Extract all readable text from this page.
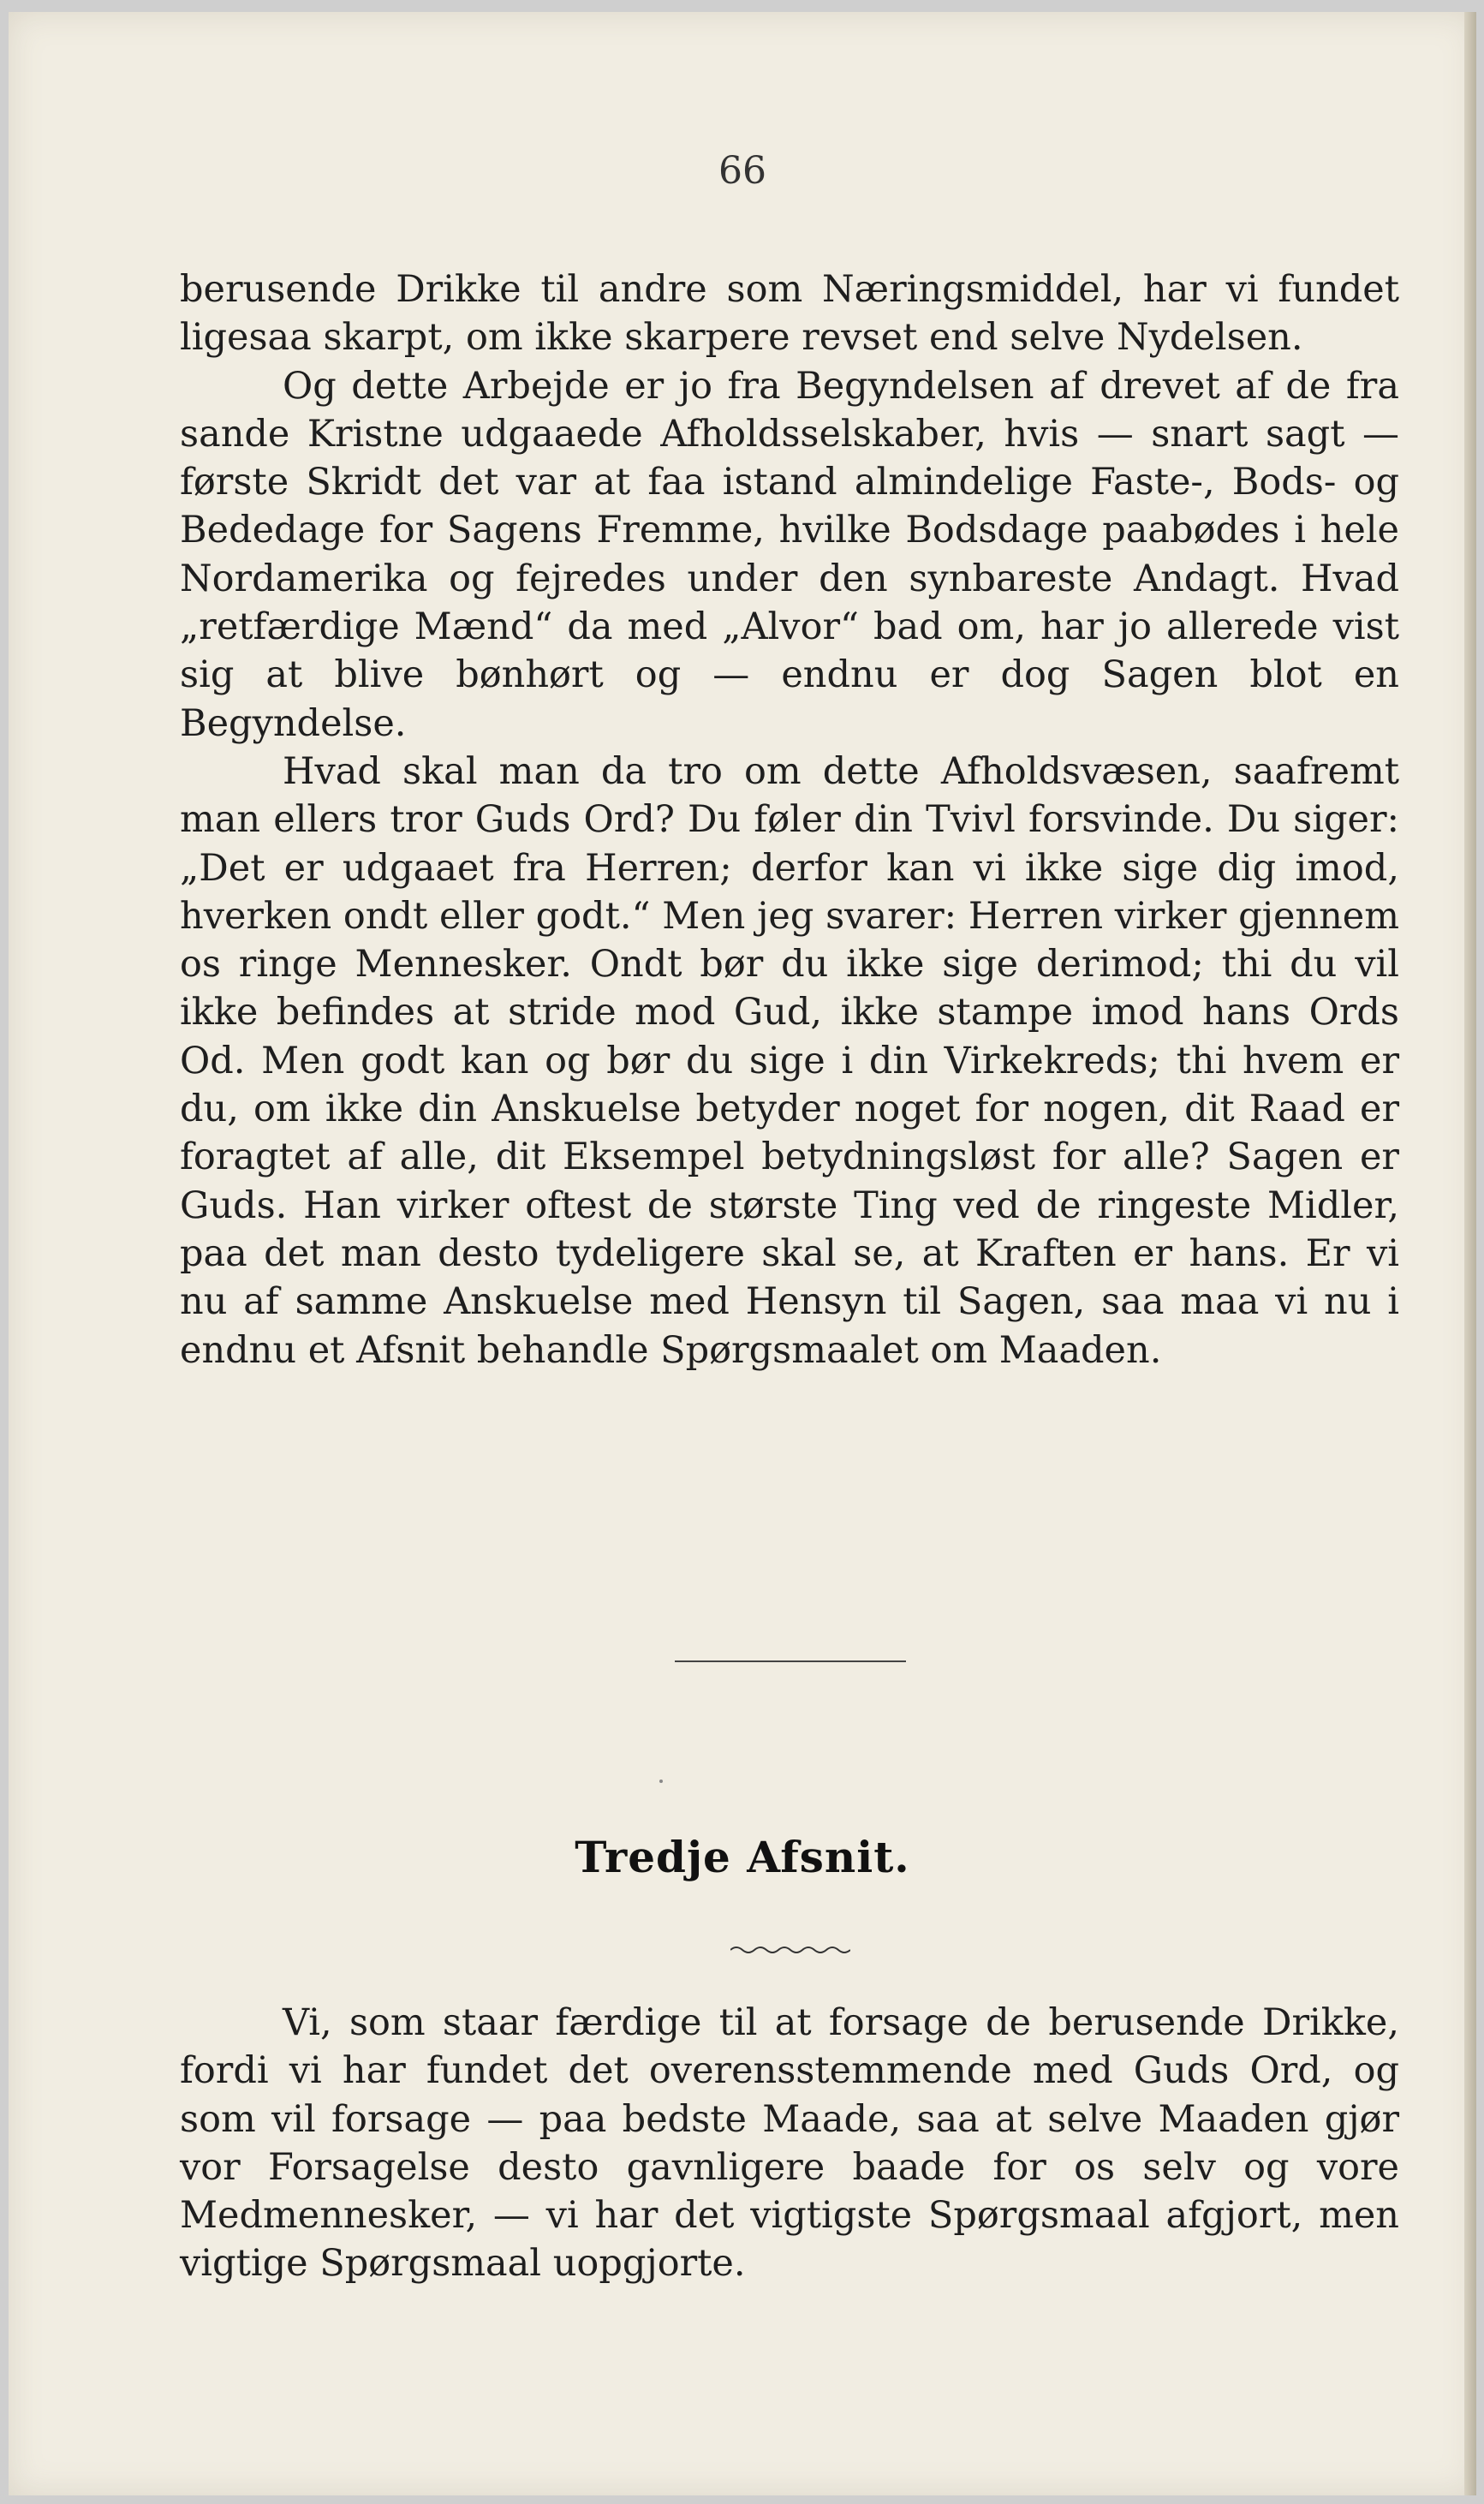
66

berusende Drikke til andre som Næringsmiddel, har vi fundet ligesaa skarpt, om ikke skarpere revset end selve Nydelsen.

Og dette Arbejde er jo fra Begyndelsen af drevet af de fra sande Kristne udgaaede Afholdsselskaber, hvis — snart sagt — første Skridt det var at faa istand almindelige Faste-, Bods- og Bededage for Sagens Fremme, hvilke Bodsdage paabødes i hele Nordamerika og fejredes under den synbareste Andagt. Hvad „retfærdige Mænd“ da med „Alvor“ bad om, har jo allerede vist sig at blive bønhørt og — endnu er dog Sagen blot en Begyndelse.

Hvad skal man da tro om dette Afholdsvæsen, saafremt man ellers tror Guds Ord? Du føler din Tvivl forsvinde. Du siger: „Det er udgaaet fra Herren; derfor kan vi ikke sige dig imod, hverken ondt eller godt.“ Men jeg svarer: Herren virker gjennem os ringe Mennesker. Ondt bør du ikke sige derimod; thi du vil ikke befindes at stride mod Gud, ikke stampe imod hans Ords Od. Men godt kan og bør du sige i din Virkekreds; thi hvem er du, om ikke din Anskuelse betyder noget for nogen, dit Raad er foragtet af alle, dit Eksempel betydningsløst for alle? Sagen er Guds. Han virker oftest de største Ting ved de ringeste Midler, paa det man desto tydeligere skal se, at Kraften er hans. Er vi nu af samme Anskuelse med Hensyn til Sagen, saa maa vi nu i endnu et Afsnit behandle Spørgsmaalet om Maaden.

Tredje Afsnit.

Vi, som staar færdige til at forsage de berusende Drikke, fordi vi har fundet det overensstemmende med Guds Ord, og som vil forsage — paa bedste Maade, saa at selve Maaden gjør vor Forsagelse desto gavnligere baade for os selv og vore Medmennesker, — vi har det vigtigste Spørgsmaal afgjort, men vigtige Spørgsmaal uopgjorte.
